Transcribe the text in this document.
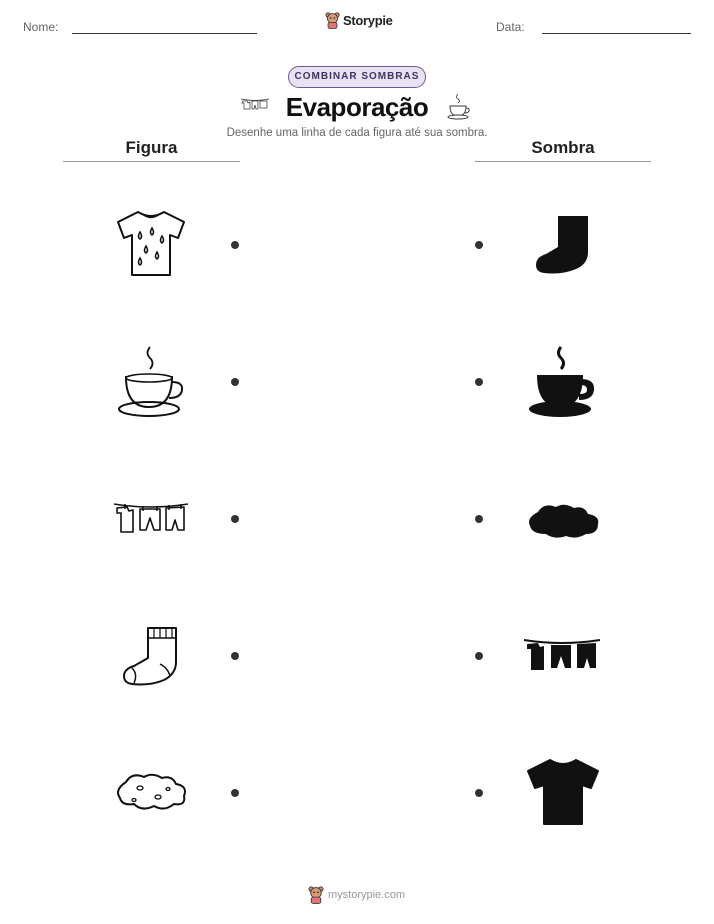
Nome:	Data:
Storypie
COMBINAR SOMBRAS
Evaporação
Desenhe uma linha de cada figura até sua sombra.
Figura	Sombra
mystorypie.com
